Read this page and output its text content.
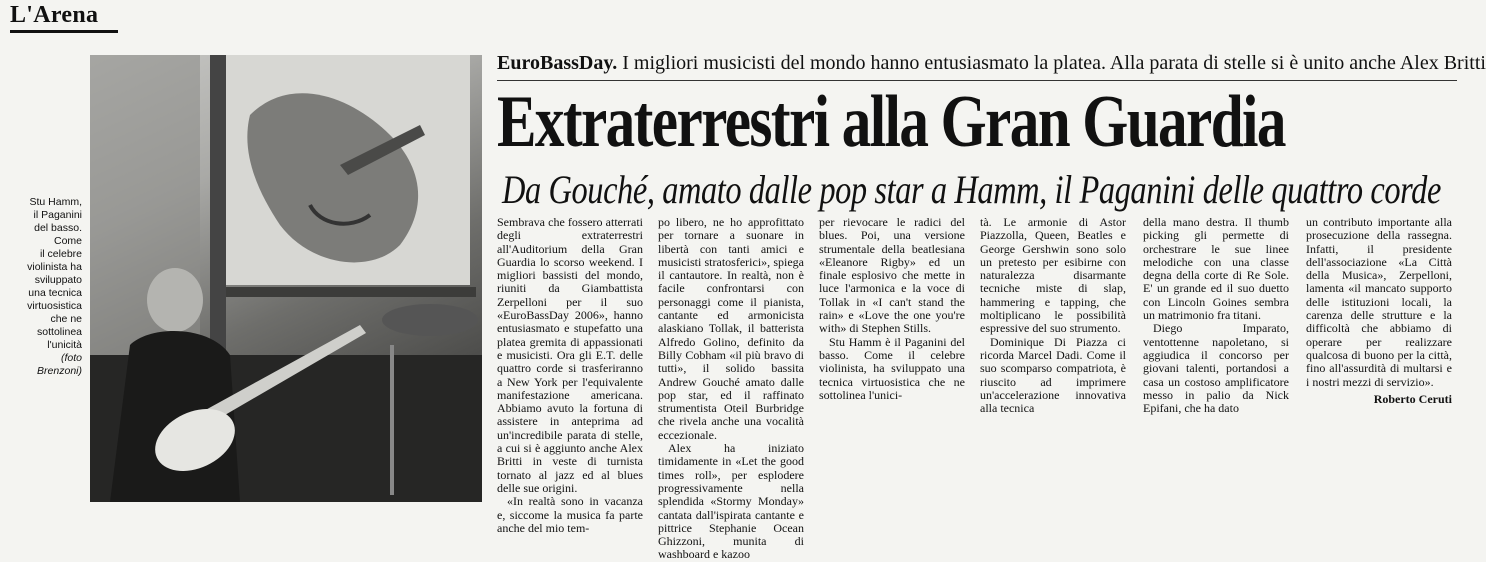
L'Arena
Stu Hamm,
il Paganini
del basso.
Come
il celebre
violinista ha
sviluppato
una tecnica
virtuosistica
che ne
sottolinea
l'unicità
(foto
Brenzoni)
EuroBassDay. I migliori musicisti del mondo hanno entusiasmato la platea. Alla parata di stelle si è unito anche Alex Britti
Extraterrestri alla Gran Guardia
Da Gouché, amato dalle pop star a Hamm, il Paganini delle quattro corde

Sembrava che fossero atterrati degli extraterrestri all'Auditorium della Gran Guardia lo scorso weekend. I migliori bassisti del mondo, riuniti da Giambattista Zerpelloni per il suo «EuroBassDay 2006», hanno entusiasmato e stupefatto una platea gremita di appassionati e musicisti. Ora gli E.T. delle quattro corde si trasferiranno a New York per l'equivalente manifestazione americana. Abbiamo avuto la fortuna di assistere in anteprima ad un'incredibile parata di stelle, a cui si è aggiunto anche Alex Britti in veste di turnista tornato al jazz ed al blues delle sue origini.

«In realtà sono in vacanza e, siccome la musica fa parte anche del mio tem-

po libero, ne ho approfittato per tornare a suonare in libertà con tanti amici e musicisti stratosferici», spiega il cantautore. In realtà, non è facile confrontarsi con personaggi come il pianista, cantante ed armonicista alaskiano Tollak, il batterista Alfredo Golino, definito da Billy Cobham «il più bravo di tutti», il solido bassita Andrew Gouché amato dalle pop star, ed il raffinato strumentista Oteil Burbridge che rivela anche una vocalità eccezionale.

Alex ha iniziato timidamente in «Let the good times roll», per esplodere progressivamente nella splendida «Stormy Monday» cantata dall'ispirata cantante e pittrice Stephanie Ocean Ghizzoni, munita di washboard e kazoo

per rievocare le radici del blues. Poi, una versione strumentale della beatlesiana «Eleanore Rigby» ed un finale esplosivo che mette in luce l'armonica e la voce di Tollak in «I can't stand the rain» e «Love the one you're with» di Stephen Stills.

Stu Hamm è il Paganini del basso. Come il celebre violinista, ha sviluppato una tecnica virtuosistica che ne sottolinea l'unici-

tà. Le armonie di Astor Piazzolla, Queen, Beatles e George Gershwin sono solo un pretesto per esibirne con naturalezza disarmante tecniche miste di slap, hammering e tapping, che moltiplicano le possibilità espressive del suo strumento.

Dominique Di Piazza ci ricorda Marcel Dadi. Come il suo scomparso compatriota, è riuscito ad imprimere un'accelerazione innovativa alla tecnica

della mano destra. Il thumb picking gli permette di orchestrare le sue linee melodiche con una classe degna della corte di Re Sole. E' un grande ed il suo duetto con Lincoln Goines sembra un matrimonio fra titani.

Diego Imparato, ventottenne napoletano, si aggiudica il concorso per giovani talenti, portandosi a casa un costoso amplificatore messo in palio da Nick Epifani, che ha dato

un contributo importante alla prosecuzione della rassegna. Infatti, il presidente dell'associazione «La Città della Musica», Zerpelloni, lamenta «il mancato supporto delle istituzioni locali, la carenza delle strutture e la difficoltà che abbiamo di operare per realizzare qualcosa di buono per la città, fino all'assurdità di multarsi e i nostri mezzi di servizio».

Roberto Ceruti
